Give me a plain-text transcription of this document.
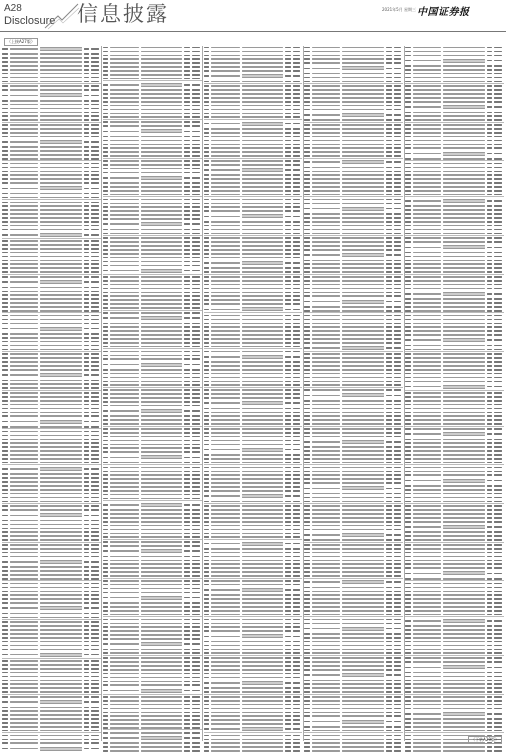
A28
Disclosure 信息披露	2021年5月 星期三 中国证券报
（上接A27版）
（下转A29版）
